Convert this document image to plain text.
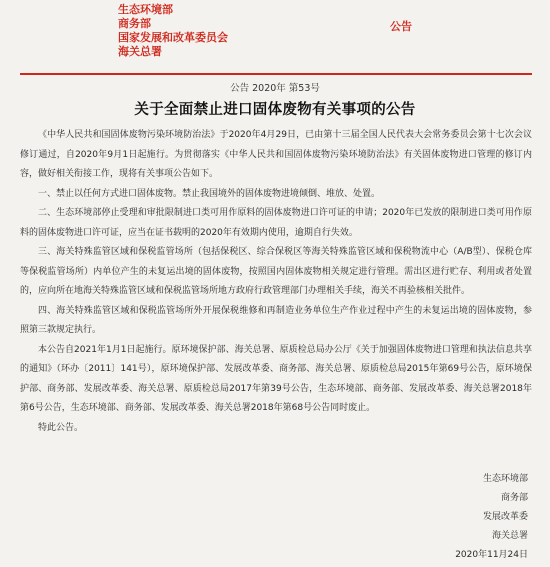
生态环境部
商务部
国家发展和改革委员会
海关总署
公告
公告 2020年 第53号
关于全面禁止进口固体废物有关事项的公告

《中华人民共和国固体废物污染环境防治法》于2020年4月29日，已由第十三届全国人民代表大会常务委员会第十七次会议修订通过，自2020年9月1日起施行。为贯彻落实《中华人民共和国固体废物污染环境防治法》有关固体废物进口管理的修订内容，做好相关衔接工作，现将有关事项公告如下。

一、禁止以任何方式进口固体废物。禁止我国境外的固体废物进境倾倒、堆放、处置。

二、生态环境部停止受理和审批限制进口类可用作原料的固体废物进口许可证的申请；2020年已发放的限制进口类可用作原料的固体废物进口许可证，应当在证书载明的2020年有效期内使用，逾期自行失效。

三、海关特殊监管区域和保税监管场所（包括保税区、综合保税区等海关特殊监管区域和保税物流中心（A/B型）、保税仓库等保税监管场所）内单位产生的未复运出境的固体废物，按照国内固体废物相关规定进行管理。需出区进行贮存、利用或者处置的，应向所在地海关特殊监管区域和保税监管场所地方政府行政管理部门办理相关手续，海关不再验核相关批件。

四、海关特殊监管区域和保税监管场所外开展保税维修和再制造业务单位生产作业过程中产生的未复运出境的固体废物，参照第三款规定执行。

本公告自2021年1月1日起施行。原环境保护部、海关总署、原质检总局办公厅《关于加强固体废物进口管理和执法信息共享的通知》（环办〔2011〕141号），原环境保护部、发展改革委、商务部、海关总署、原质检总局2015年第69号公告，原环境保护部、商务部、发展改革委、海关总署、原质检总局2017年第39号公告，生态环境部、商务部、发展改革委、海关总署2018年第6号公告，生态环境部、商务部、发展改革委、海关总署2018年第68号公告同时废止。

特此公告。

生态环境部
商务部
发展改革委
海关总署
2020年11月24日
